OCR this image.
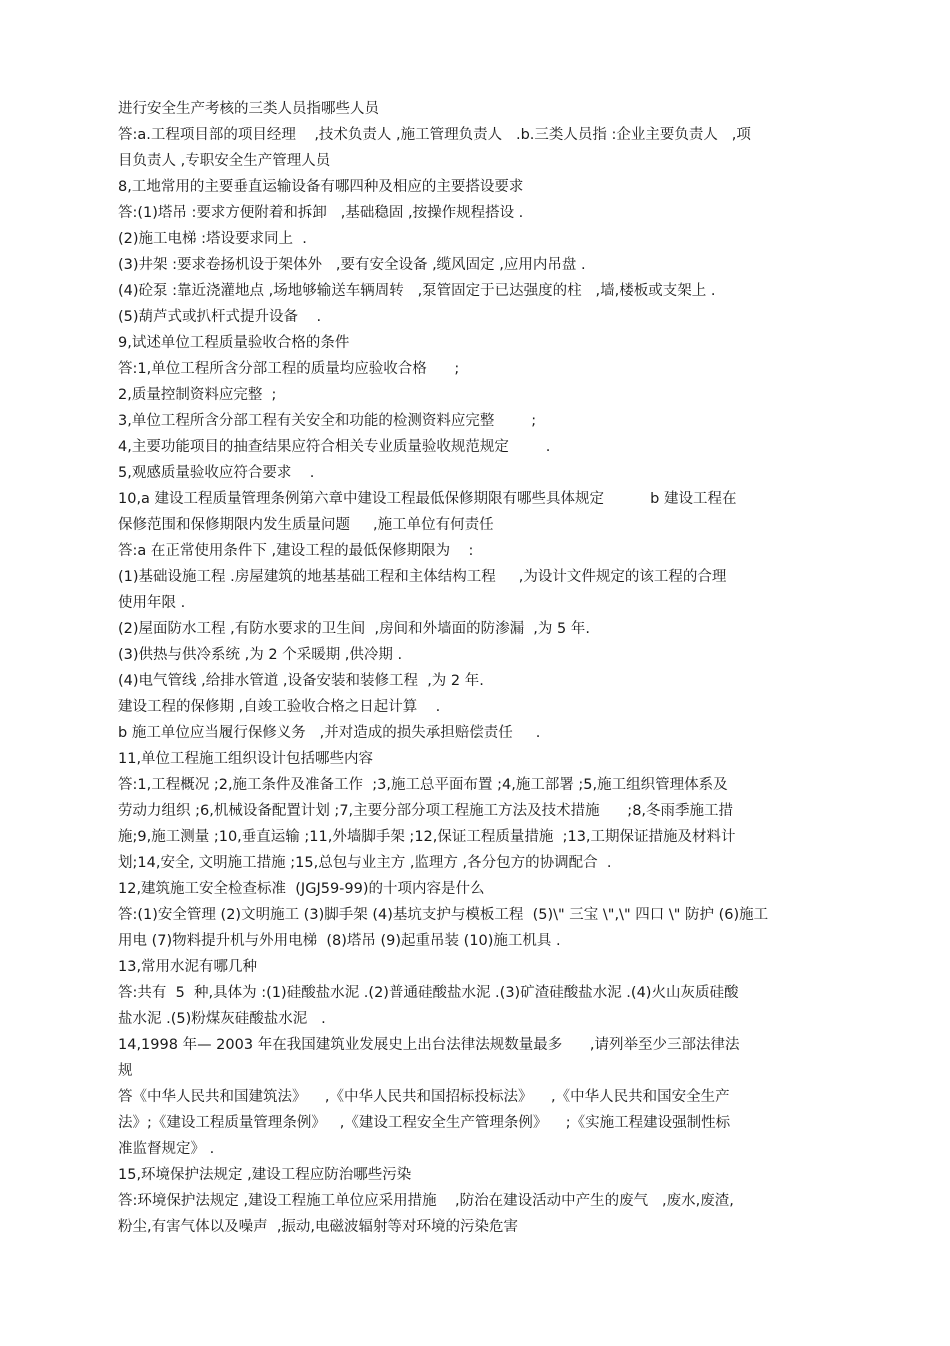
进行安全生产考核的三类人员指哪些人员
答:a.工程项目部的项目经理    ,技术负责人 ,施工管理负责人   .b.三类人员指 :企业主要负责人   ,项
目负责人 ,专职安全生产管理人员
8,工地常用的主要垂直运输设备有哪四种及相应的主要搭设要求
答:(1)塔吊 :要求方便附着和拆卸   ,基础稳固 ,按操作规程搭设 .
(2)施工电梯 :塔设要求同上  .
(3)井架 :要求卷扬机设于架体外   ,要有安全设备 ,缆风固定 ,应用内吊盘 .
(4)砼泵 :靠近浇灌地点 ,场地够输送车辆周转   ,泵管固定于已达强度的柱   ,墙,楼板或支架上 .
(5)葫芦式或扒杆式提升设备    .
9,试述单位工程质量验收合格的条件
答:1,单位工程所含分部工程的质量均应验收合格      ;
2,质量控制资料应完整  ;
3,单位工程所含分部工程有关安全和功能的检测资料应完整        ;
4,主要功能项目的抽查结果应符合相关专业质量验收规范规定        .
5,观感质量验收应符合要求    .
10,a 建设工程质量管理条例第六章中建设工程最低保修期限有哪些具体规定          b 建设工程在
保修范围和保修期限内发生质量问题     ,施工单位有何责任
答:a 在正常使用条件下 ,建设工程的最低保修期限为    :
(1)基础设施工程 .房屋建筑的地基基础工程和主体结构工程     ,为设计文件规定的该工程的合理
使用年限 .
(2)屋面防水工程 ,有防水要求的卫生间  ,房间和外墙面的防渗漏  ,为 5 年.
(3)供热与供冷系统 ,为 2 个采暖期 ,供冷期 .
(4)电气管线 ,给排水管道 ,设备安装和装修工程  ,为 2 年.
建设工程的保修期 ,自竣工验收合格之日起计算    .
b 施工单位应当履行保修义务   ,并对造成的损失承担赔偿责任     .
11,单位工程施工组织设计包括哪些内容
答:1,工程概况 ;2,施工条件及准备工作  ;3,施工总平面布置 ;4,施工部署 ;5,施工组织管理体系及
劳动力组织 ;6,机械设备配置计划 ;7,主要分部分项工程施工方法及技术措施      ;8,冬雨季施工措
施;9,施工测量 ;10,垂直运输 ;11,外墙脚手架 ;12,保证工程质量措施  ;13,工期保证措施及材料计
划;14,安全, 文明施工措施 ;15,总包与业主方 ,监理方 ,各分包方的协调配合  .
12,建筑施工安全检查标准  (JGJ59-99)的十项内容是什么
答:(1)安全管理 (2)文明施工 (3)脚手架 (4)基坑支护与模板工程  (5)\" 三宝 \",\" 四口 \" 防护 (6)施工
用电 (7)物料提升机与外用电梯  (8)塔吊 (9)起重吊装 (10)施工机具 .
13,常用水泥有哪几种
答:共有  5  种,具体为 :(1)硅酸盐水泥 .(2)普通硅酸盐水泥 .(3)矿渣硅酸盐水泥 .(4)火山灰质硅酸
盐水泥 .(5)粉煤灰硅酸盐水泥   .
14,1998 年— 2003 年在我国建筑业发展史上出台法律法规数量最多      ,请列举至少三部法律法
规
答《中华人民共和国建筑法》    ,《中华人民共和国招标投标法》    ,《中华人民共和国安全生产
法》;《建设工程质量管理条例》   ,《建设工程安全生产管理条例》    ;《实施工程建设强制性标
准监督规定》 .
15,环境保护法规定 ,建设工程应防治哪些污染
答:环境保护法规定 ,建设工程施工单位应采用措施    ,防治在建设活动中产生的废气   ,废水,废渣,
粉尘,有害气体以及噪声  ,振动,电磁波辐射等对环境的污染危害
